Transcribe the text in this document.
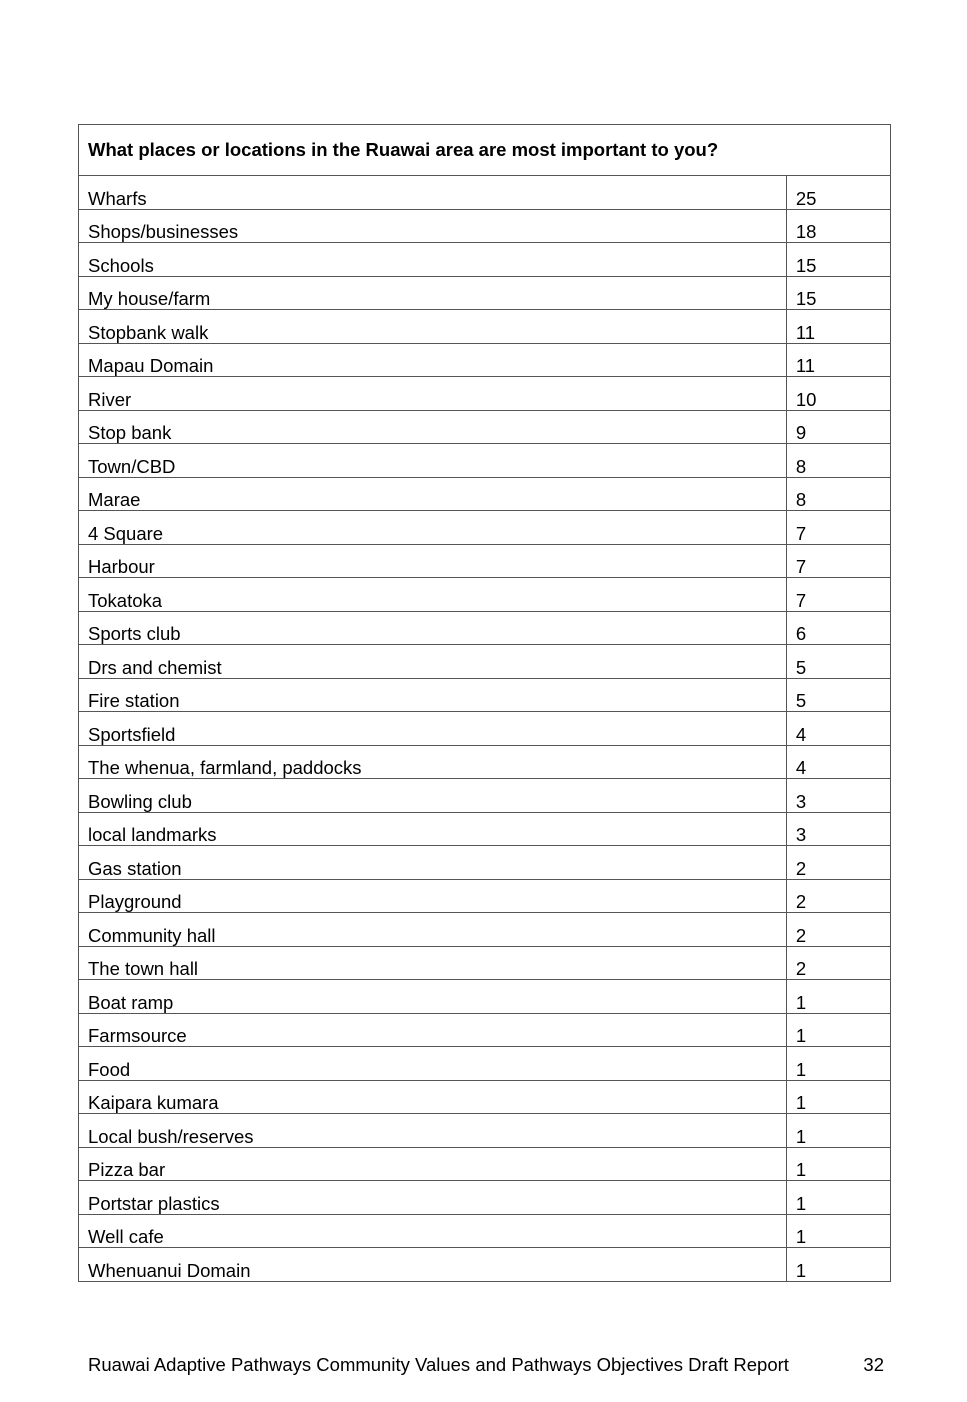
What places or locations in the Ruawai area are most important to you?	
Wharfs	25
Shops/businesses	18
Schools	15
My house/farm	15
Stopbank walk	11
Mapau Domain	11
River	10
Stop bank	9
Town/CBD	8
Marae	8
4 Square	7
Harbour	7
Tokatoka	7
Sports club	6
Drs and chemist	5
Fire station	5
Sportsfield	4
The whenua, farmland, paddocks	4
Bowling club	3
local landmarks	3
Gas station	2
Playground	2
Community hall	2
The town hall	2
Boat ramp	1
Farmsource	1
Food	1
Kaipara kumara	1
Local bush/reserves	1
Pizza bar	1
Portstar plastics	1
Well cafe	1
Whenuanui Domain	1
Ruawai Adaptive Pathways Community Values and Pathways Objectives Draft Report	32
